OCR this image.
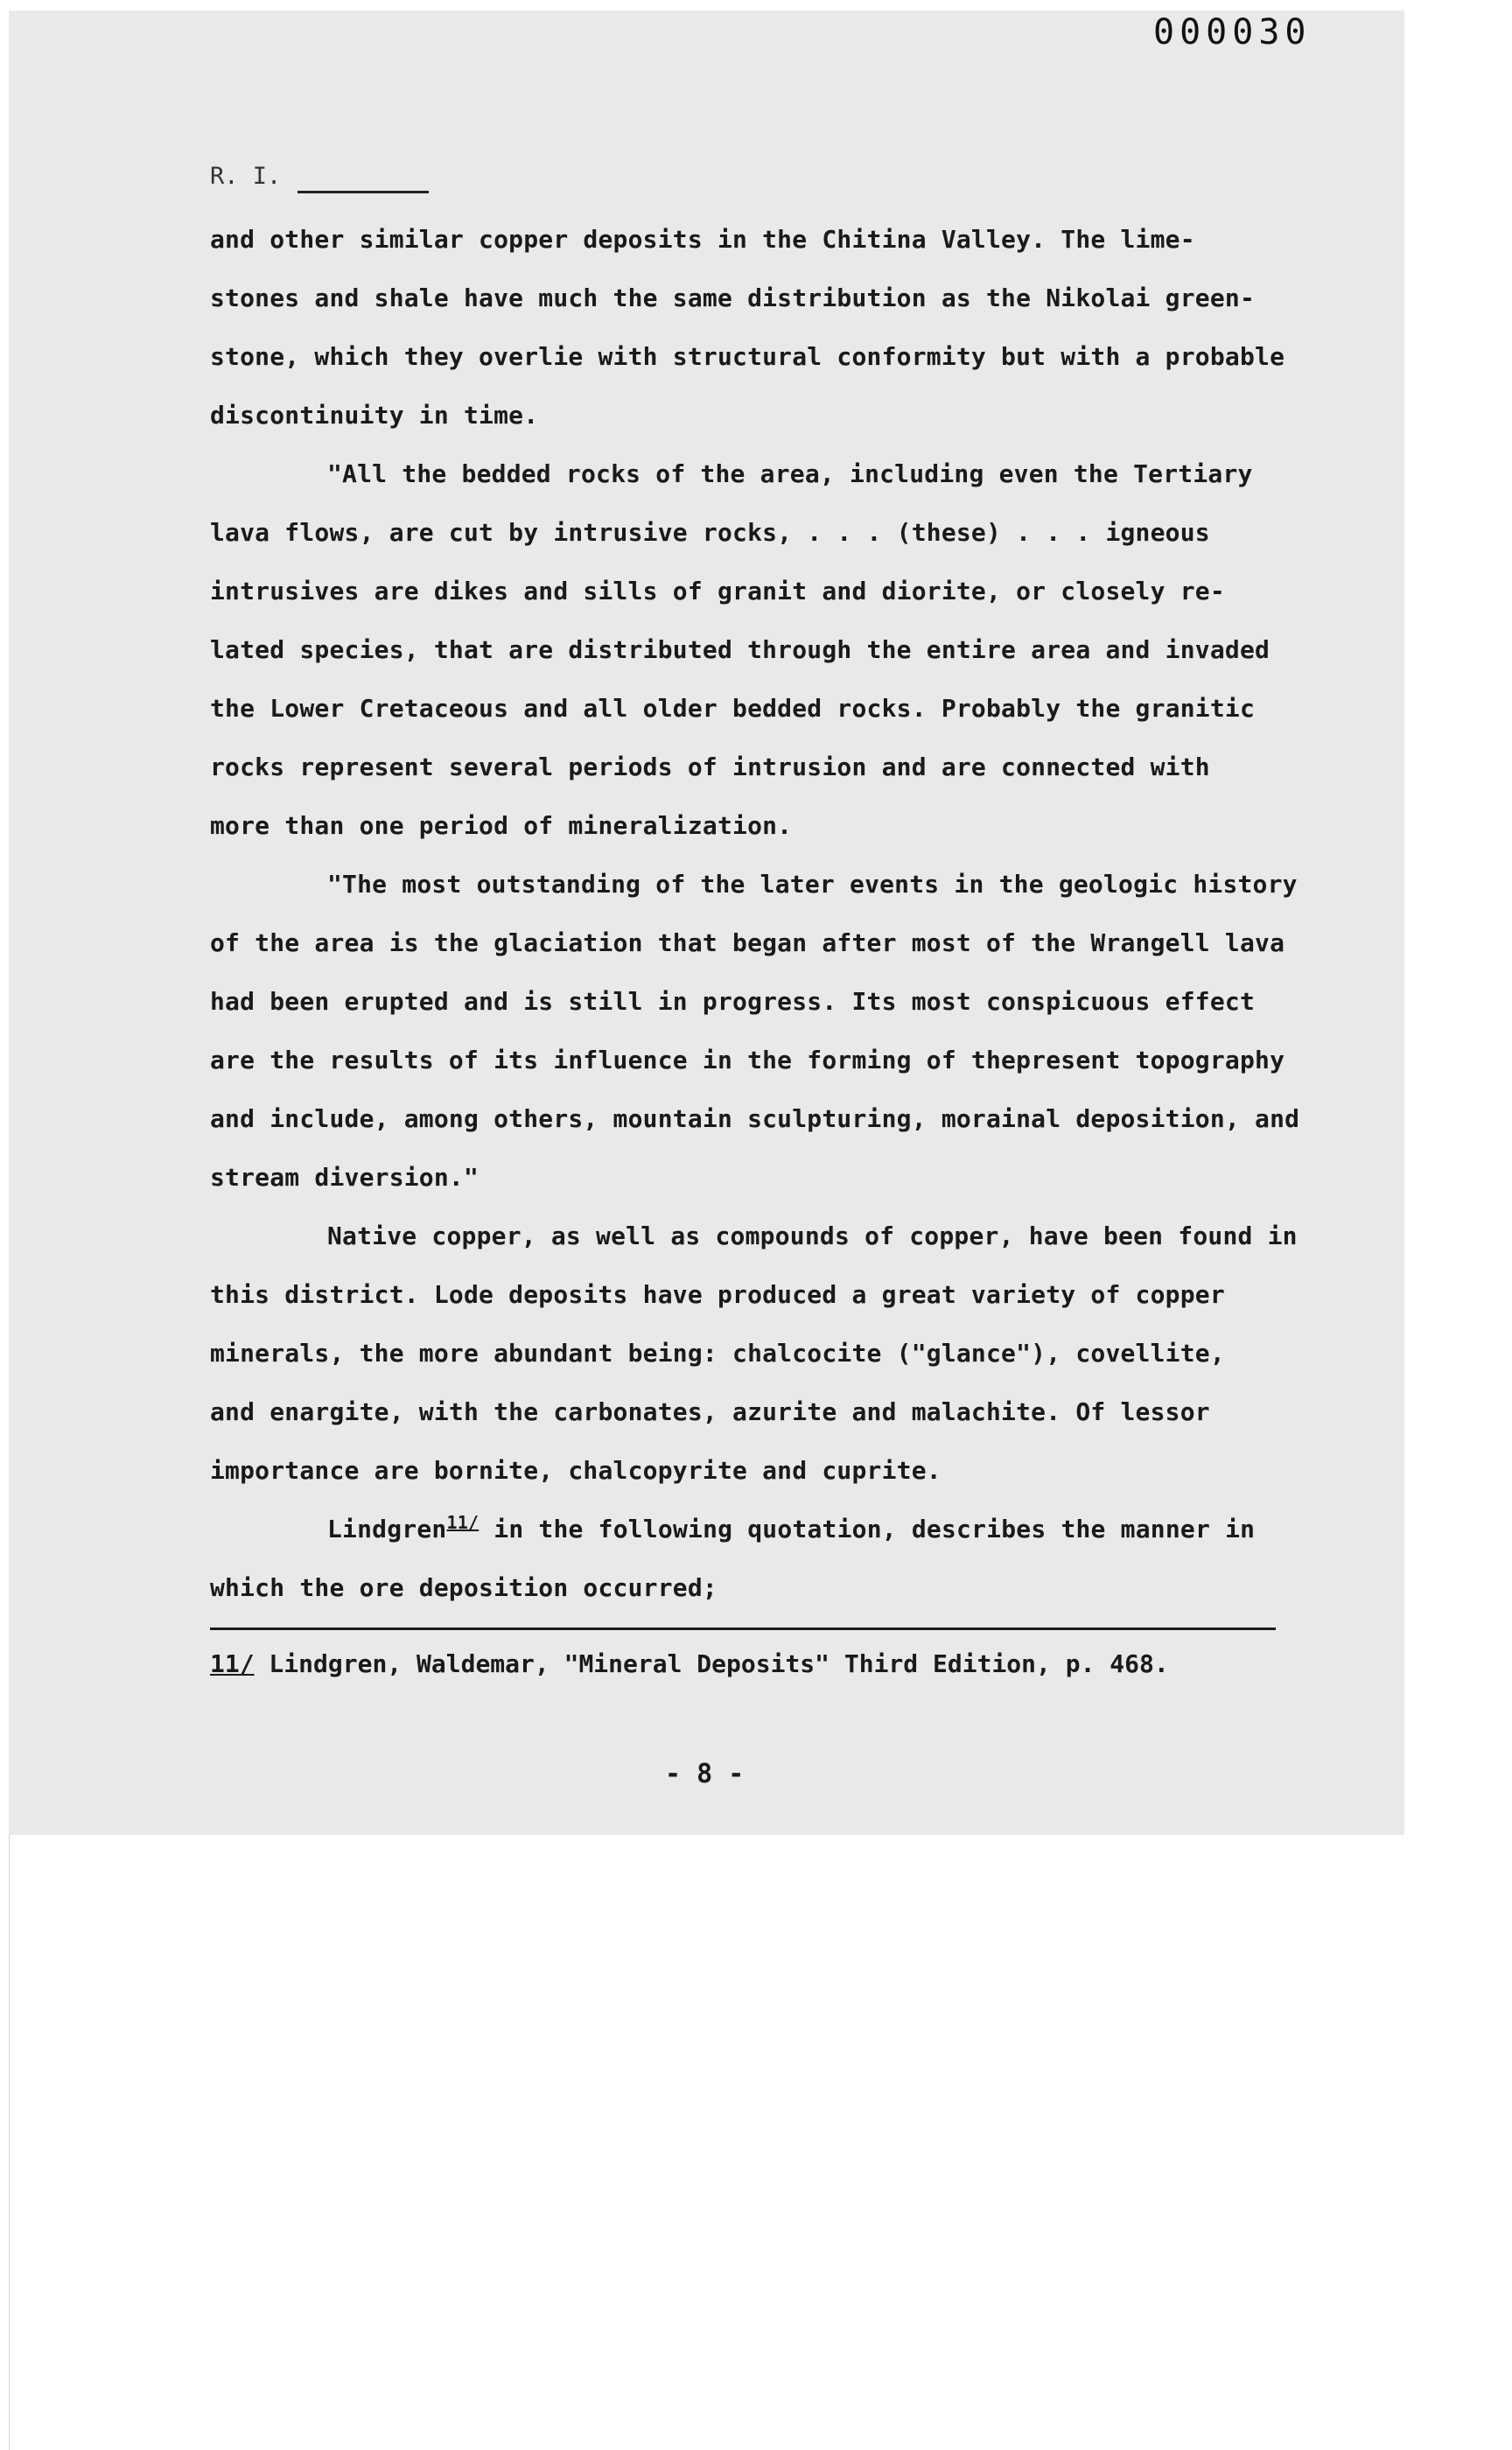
000030
R. I.
and other similar copper deposits in the Chitina Valley. The lime-
stones and shale have much the same distribution as the Nikolai green-
stone, which they overlie with structural conformity but with a probable
discontinuity in time.
"All the bedded rocks of the area, including even the Tertiary
lava flows, are cut by intrusive rocks, . . . (these) . . . igneous
intrusives are dikes and sills of granit and diorite, or closely re-
lated species, that are distributed through the entire area and invaded
the Lower Cretaceous and all older bedded rocks. Probably the granitic
rocks represent several periods of intrusion and are connected with
more than one period of mineralization.
"The most outstanding of the later events in the geologic history
of the area is the glaciation that began after most of the Wrangell lava
had been erupted and is still in progress. Its most conspicuous effect
are the results of its influence in the forming of thepresent topography
and include, among others, mountain sculpturing, morainal deposition, and
stream diversion."
Native copper, as well as compounds of copper, have been found in
this district. Lode deposits have produced a great variety of copper
minerals, the more abundant being: chalcocite ("glance"), covellite,
and enargite, with the carbonates, azurite and malachite. Of lessor
importance are bornite, chalcopyrite and cuprite.
Lindgren$^{11/}$ in the following quotation, describes the manner in
which the ore deposition occurred;
11/ Lindgren, Waldemar, "Mineral Deposits" Third Edition, p. 468.
- 8 -
